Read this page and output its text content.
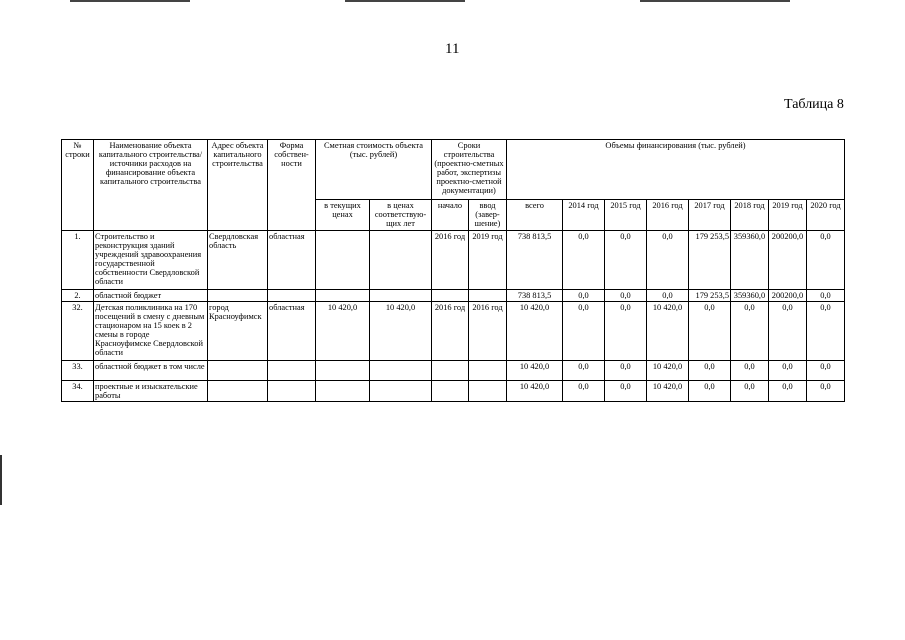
11
Таблица 8
№ строки	Наименование объекта капитального строительства/ источники расходов на финансирование объекта капитального строительства	Адрес объекта капитального строительства	Форма собствен-ности	Сметная стоимость объекта (тыс. рублей)		Сроки строительства (проектно-сметных работ, экспертизы проектно-сметной документации)		Объемы финансирования (тыс. рублей)							
				в текущих ценах	в ценах соответствую-щих лет	начало	ввод (завер-шение)	всего	2014 год	2015 год	2016 год	2017 год	2018 год	2019 год	2020 год
1.	Строительство и реконструкция зданий учреждений здравоохранения государственной собственности Свердловской области	Свердловская область	областная			2016 год	2019 год	738 813,5	0,0	0,0	0,0	179 253,5	359360,0	200200,0	0,0
2.	областной бюджет							738 813,5	0,0	0,0	0,0	179 253,5	359360,0	200200,0	0,0
32.	Детская поликлиника на 170 посещений в смену с дневным стационаром на 15 коек в 2 смены в городе Красноуфимске Свердловской области	город Красноуфимск	областная	10 420,0	10 420,0	2016 год	2016 год	10 420,0	0,0	0,0	10 420,0	0,0	0,0	0,0	0,0
33.	областной бюджет в том числе							10 420,0	0,0	0,0	10 420,0	0,0	0,0	0,0	0,0
34.	проектные и изыскательские работы							10 420,0	0,0	0,0	10 420,0	0,0	0,0	0,0	0,0
